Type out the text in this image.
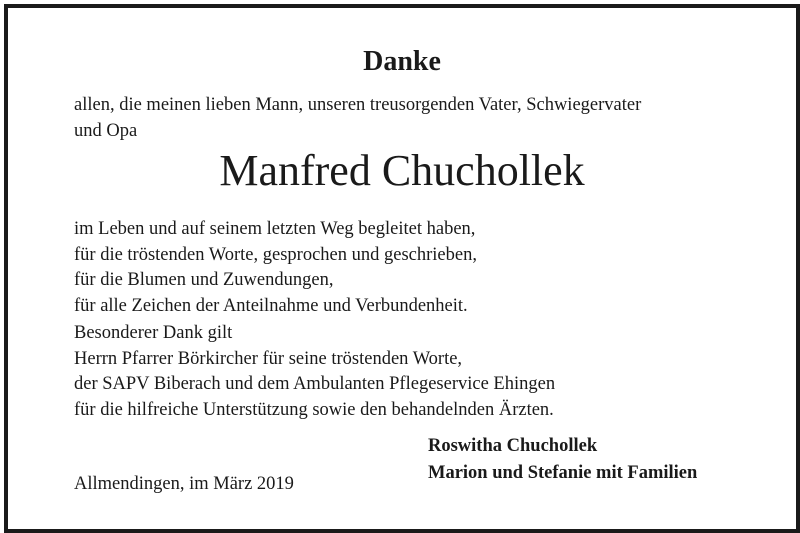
Danke
allen, die meinen lieben Mann, unseren treusorgenden Vater, Schwiegervater
und Opa
Manfred Chuchollek
im Leben und auf seinem letzten Weg begleitet haben,
für die tröstenden Worte, gesprochen und geschrieben,
für die Blumen und Zuwendungen,
für alle Zeichen der Anteilnahme und Verbundenheit.
Besonderer Dank gilt
Herrn Pfarrer Börkircher für seine tröstenden Worte,
der SAPV Biberach und dem Ambulanten Pflegeservice Ehingen
für die hilfreiche Unterstützung sowie den behandelnden Ärzten.
Roswitha Chuchollek
Marion und Stefanie mit Familien
Allmendingen, im März 2019
